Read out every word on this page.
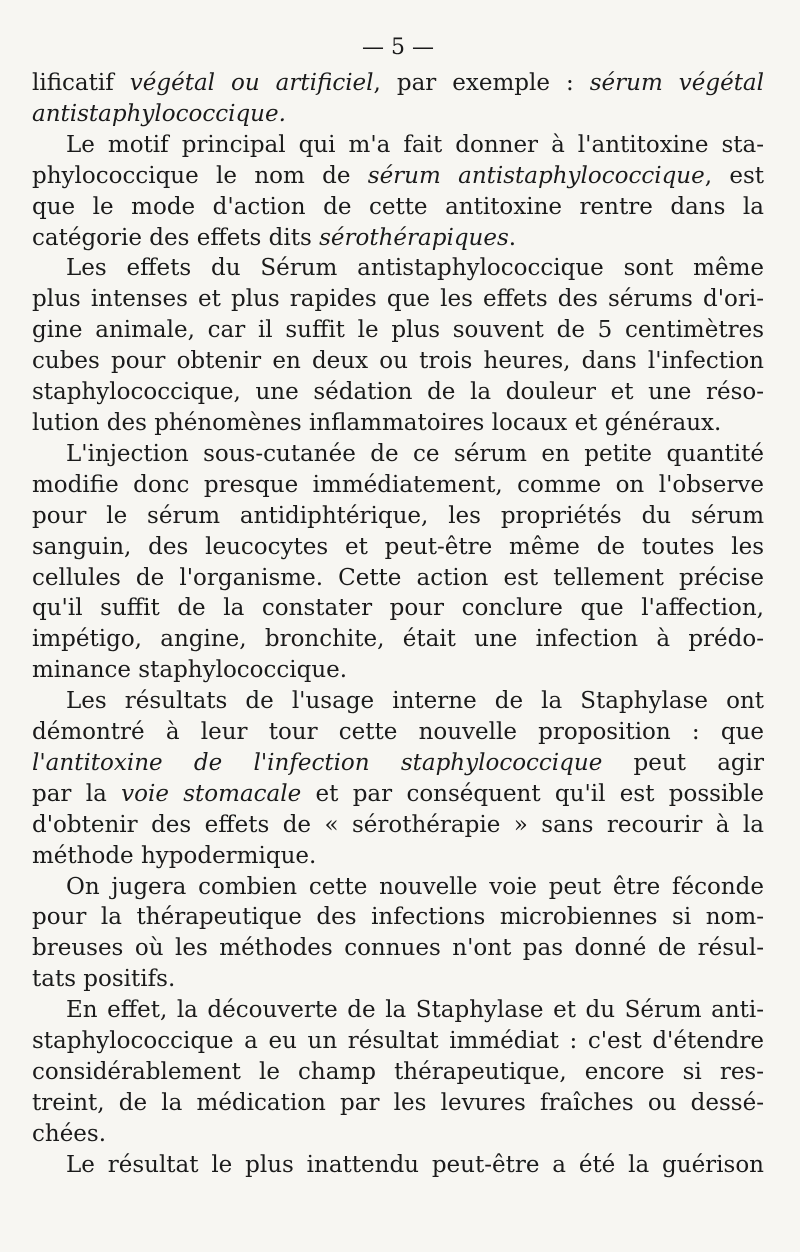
— 5 —

lificatif végétal ou artificiel, par exemple : sérum végétal
antistaphylococcique.

Le motif principal qui m'a fait donner à l'antitoxine sta-
phylococcique le nom de sérum antistaphylococcique, est
que le mode d'action de cette antitoxine rentre dans la
catégorie des effets dits sérothérapiques.

Les effets du Sérum antistaphylococcique sont même
plus intenses et plus rapides que les effets des sérums d'ori-
gine animale, car il suffit le plus souvent de 5 centimètres
cubes pour obtenir en deux ou trois heures, dans l'infection
staphylococcique, une sédation de la douleur et une réso-
lution des phénomènes inflammatoires locaux et généraux.

L'injection sous-cutanée de ce sérum en petite quantité
modifie donc presque immédiatement, comme on l'observe
pour le sérum antidiphtérique, les propriétés du sérum
sanguin, des leucocytes et peut-être même de toutes les
cellules de l'organisme. Cette action est tellement précise
qu'il suffit de la constater pour conclure que l'affection,
impétigo, angine, bronchite, était une infection à prédo-
minance staphylococcique.

Les résultats de l'usage interne de la Staphylase ont
démontré à leur tour cette nouvelle proposition : que
l'antitoxine de l'infection staphylococcique peut agir
par la voie stomacale et par conséquent qu'il est possible
d'obtenir des effets de « sérothérapie » sans recourir à la
méthode hypodermique.

On jugera combien cette nouvelle voie peut être féconde
pour la thérapeutique des infections microbiennes si nom-
breuses où les méthodes connues n'ont pas donné de résul-
tats positifs.

En effet, la découverte de la Staphylase et du Sérum anti-
staphylococcique a eu un résultat immédiat : c'est d'étendre
considérablement le champ thérapeutique, encore si res-
treint, de la médication par les levures fraîches ou dessé-
chées.

Le résultat le plus inattendu peut-être a été la guérison
